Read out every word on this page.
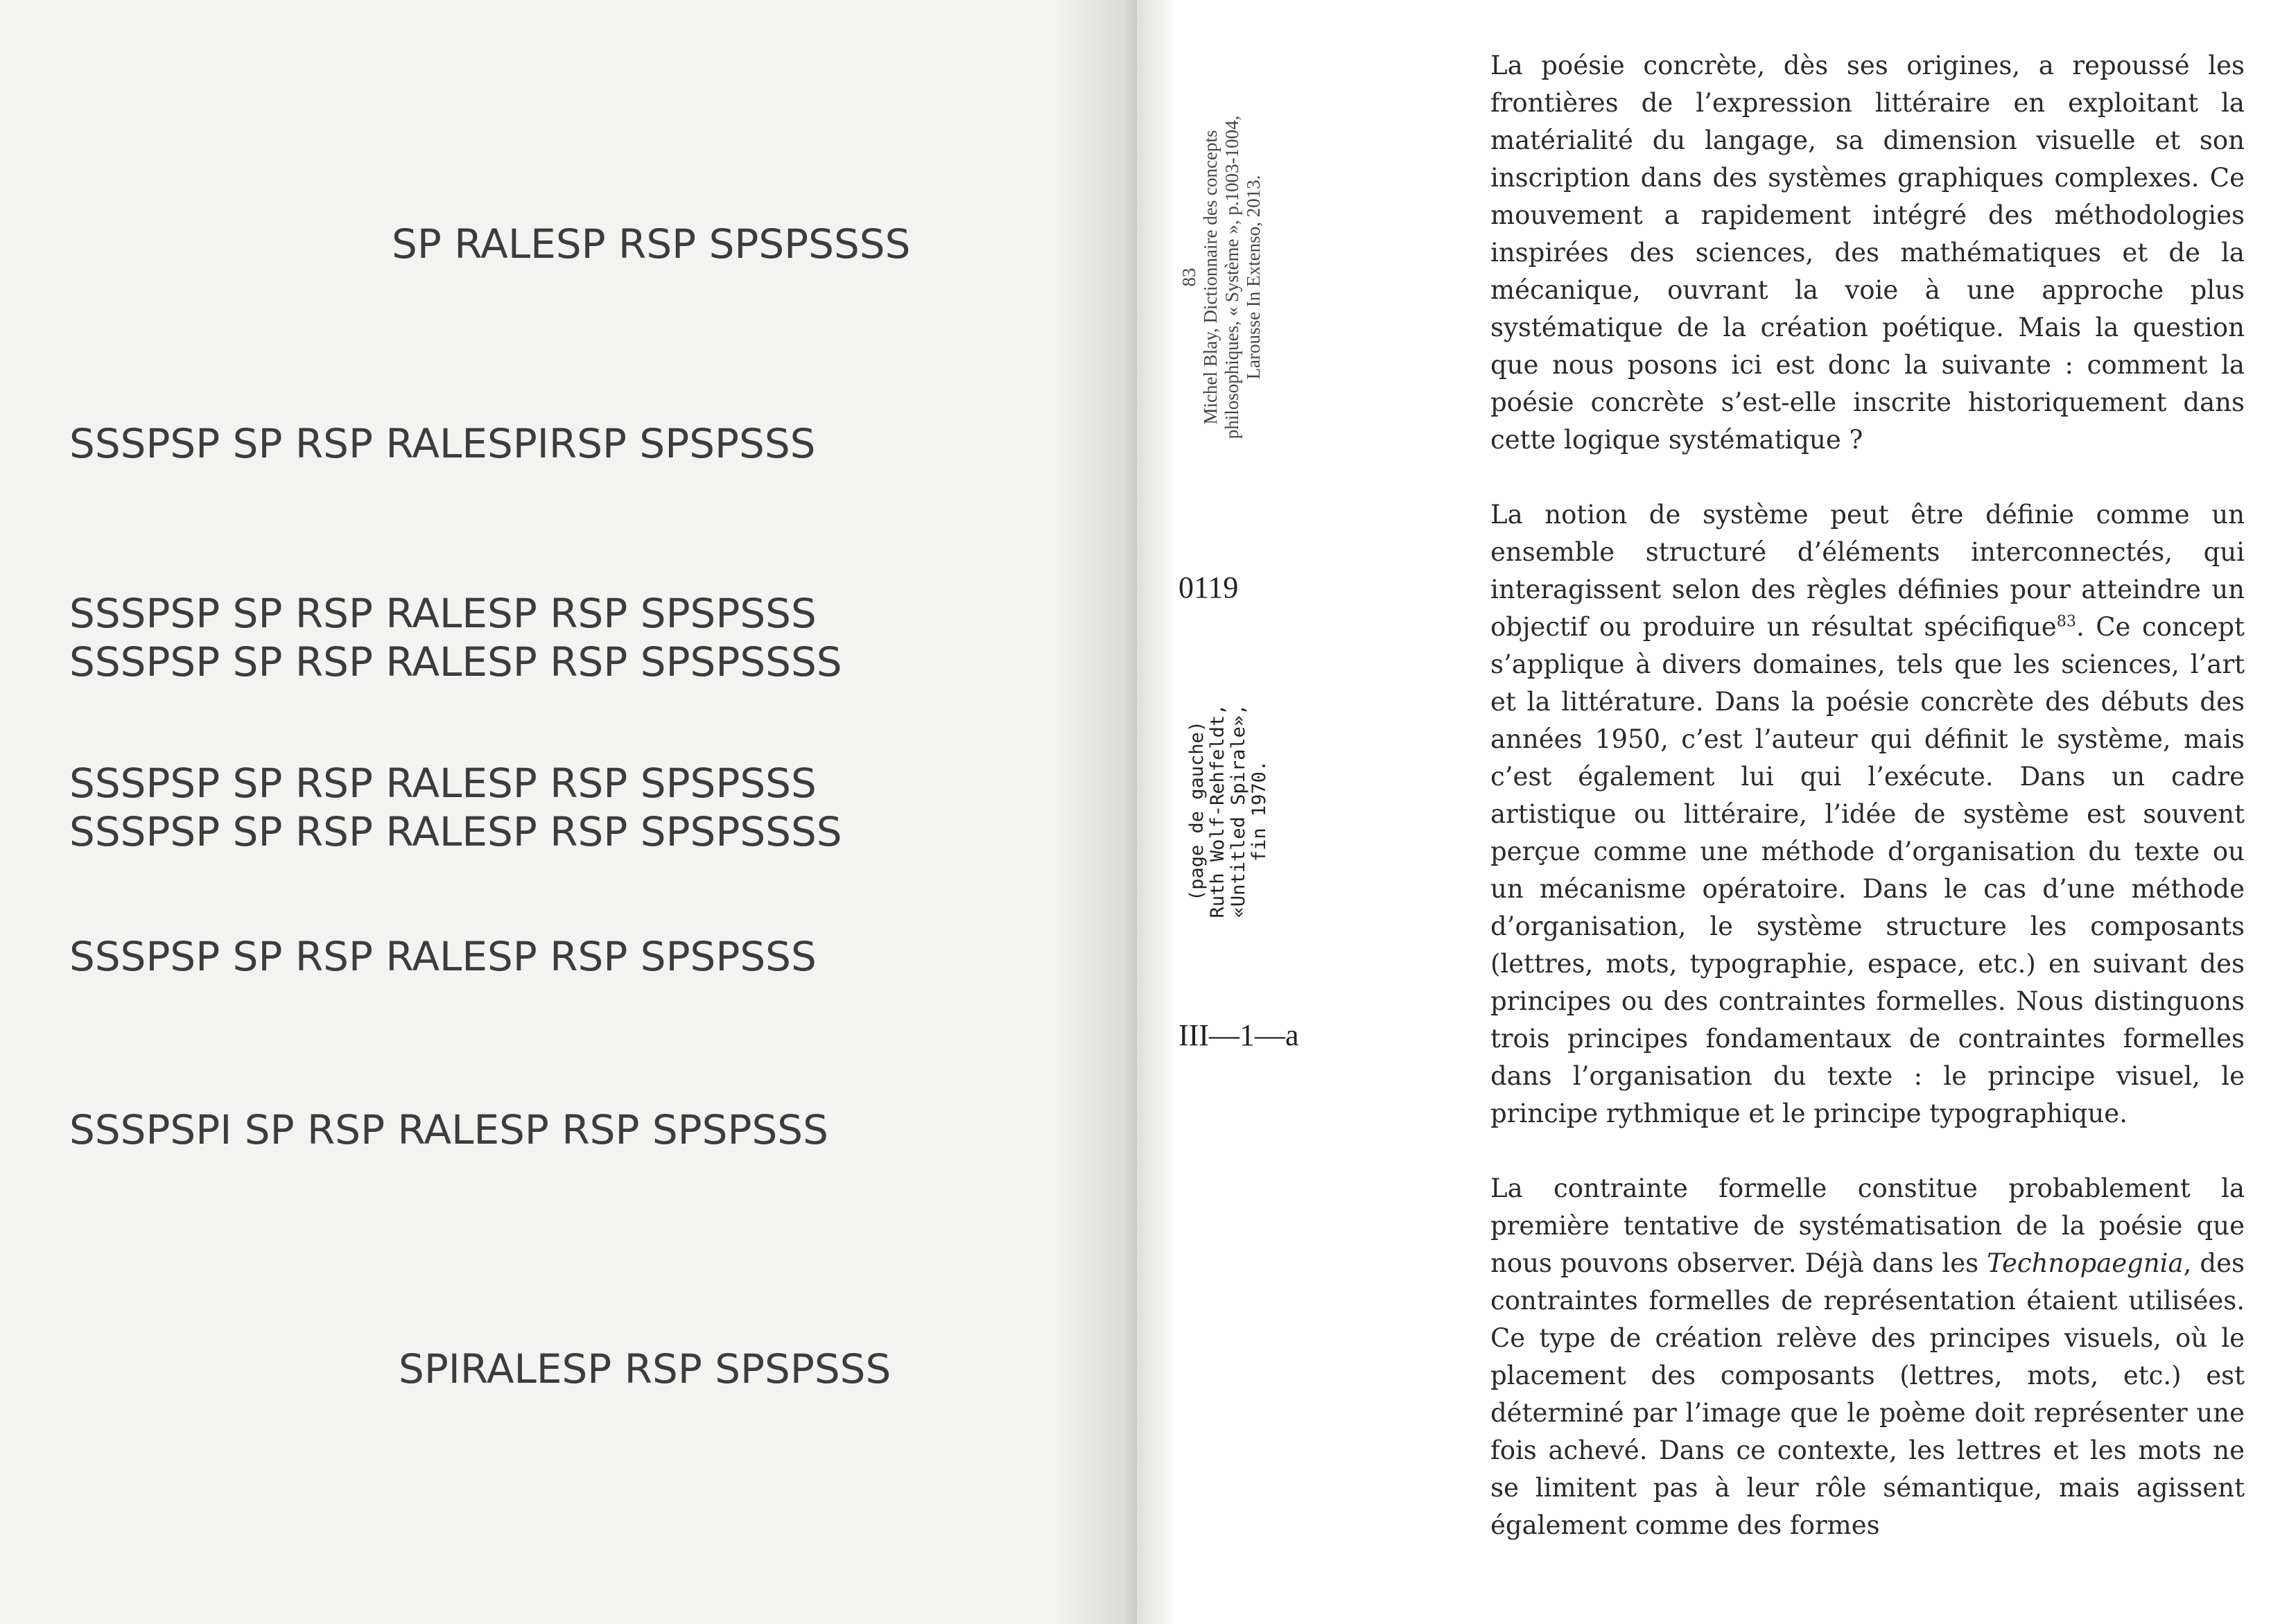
SP RALESP RSP SPSPSSSS
SSSPSP SP RSP RALESPIRSP SPSPSSS
SSSPSP SP RSP RALESP RSP SPSPSSS
SSSPSP SP RSP RALESP RSP SPSPSSSS
SSSPSP SP RSP RALESP RSP SPSPSSS
SSSPSP SP RSP RALESP RSP SPSPSSSS
SSSPSP SP RSP RALESP RSP SPSPSSS
SSSPSPI SP RSP RALESP RSP SPSPSSS
SPIRALESP RSP SPSPSSS
83 Michel Blay, Dictionnaire des concepts philosophiques, « Système », p.1003-1004, Larousse In Extenso, 2013.
0119
(page de gauche) Ruth Wolf-Rehfeldt, «Untitled Spirale», fin 1970.
III—1—a

La poésie concrète, dès ses origines, a repoussé les frontières de l’expression littéraire en exploitant la matérialité du langage, sa dimension visuelle et son inscription dans des systèmes graphiques complexes. Ce mouvement a rapidement intégré des méthodologies inspirées des sciences, des mathématiques et de la mécanique, ouvrant la voie à une approche plus systématique de la création poétique. Mais la question que nous posons ici est donc la suivante : comment la poésie concrète s’est-elle inscrite historiquement dans cette logique systématique ?

La notion de système peut être définie comme un ensemble structuré d’éléments interconnectés, qui interagissent selon des règles définies pour atteindre un objectif ou produire un résultat spécifique$^{83}$. Ce concept s’applique à divers domaines, tels que les sciences, l’art et la littérature. Dans la poésie concrète des débuts des années 1950, c’est l’auteur qui définit le système, mais c’est également lui qui l’exécute. Dans un cadre artistique ou littéraire, l’idée de système est souvent perçue comme une méthode d’organisation du texte ou un mécanisme opératoire. Dans le cas d’une méthode d’organisation, le système structure les composants (lettres, mots, typographie, espace, etc.) en suivant des principes ou des contraintes formelles. Nous distinguons trois principes fondamentaux de contraintes formelles dans l’organisation du texte : le principe visuel, le principe rythmique et le principe typographique.

La contrainte formelle constitue probablement la première tentative de systématisation de la poésie que nous pouvons observer. Déjà dans les Technopaegnia, des contraintes formelles de représentation étaient utilisées. Ce type de création relève des principes visuels, où le placement des composants (lettres, mots, etc.) est déterminé par l’image que le poème doit représenter une fois achevé. Dans ce contexte, les lettres et les mots ne se limitent pas à leur rôle sémantique, mais agissent également comme des formes
